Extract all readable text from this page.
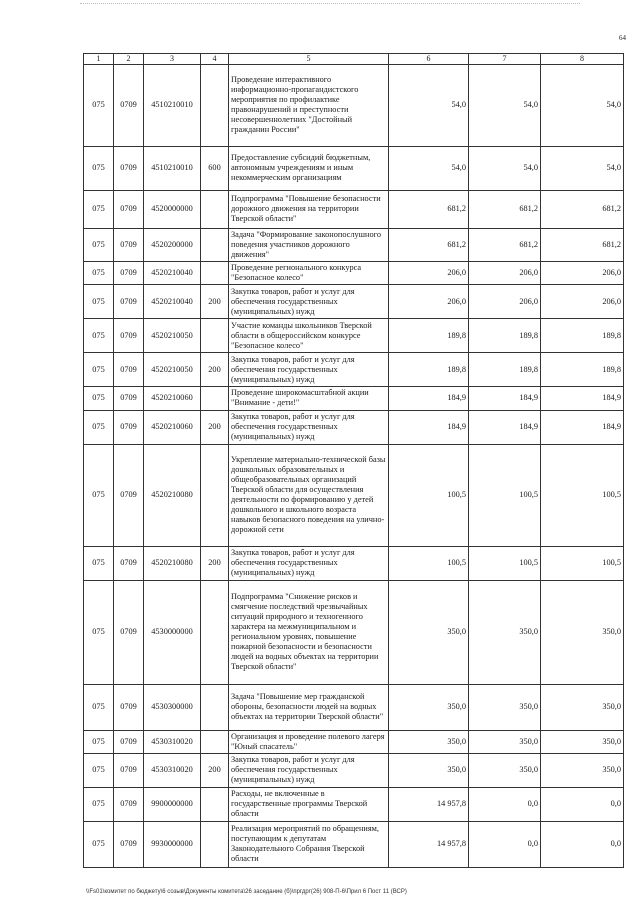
64
1	2	3	4	5	6	7	8
075	0709	4510210010		Проведение интерактивного информационно-пропагандистского мероприятия по профилактике правонарушений и преступности несовершеннолетних "Достойный гражданин России"	54,0	54,0	54,0
075	0709	4510210010	600	Предоставление субсидий бюджетным, автономным учреждениям и иным некоммерческим организациям	54,0	54,0	54,0
075	0709	4520000000		Подпрограмма "Повышение безопасности дорожного движения на территории Тверской области"	681,2	681,2	681,2
075	0709	4520200000		Задача "Формирование законопослушного поведения участников дорожного движения"	681,2	681,2	681,2
075	0709	4520210040		Проведение регионального конкурса "Безопасное колесо"	206,0	206,0	206,0
075	0709	4520210040	200	Закупка товаров, работ и услуг для обеспечения государственных (муниципальных) нужд	206,0	206,0	206,0
075	0709	4520210050		Участие команды школьников Тверской области в общероссийском конкурсе "Безопасное колесо"	189,8	189,8	189,8
075	0709	4520210050	200	Закупка товаров, работ и услуг для обеспечения государственных (муниципальных) нужд	189,8	189,8	189,8
075	0709	4520210060		Проведение широкомасштабной акции "Внимание - дети!"	184,9	184,9	184,9
075	0709	4520210060	200	Закупка товаров, работ и услуг для обеспечения государственных (муниципальных) нужд	184,9	184,9	184,9
075	0709	4520210080		Укрепление материально-технической базы дошкольных образовательных и общеобразовательных организаций Тверской области для осуществления деятельности по формированию у детей дошкольного и школьного возраста навыков безопасного поведения на улично-дорожной сети	100,5	100,5	100,5
075	0709	4520210080	200	Закупка товаров, работ и услуг для обеспечения государственных (муниципальных) нужд	100,5	100,5	100,5
075	0709	4530000000		Подпрограмма "Снижение рисков и смягчение последствий чрезвычайных ситуаций природного и техногенного характера на межмуниципальном и региональном уровнях, повышение пожарной безопасности и безопасности людей на водных объектах на территории Тверской области"	350,0	350,0	350,0
075	0709	4530300000		Задача "Повышение мер гражданской обороны, безопасности людей на водных объектах на территории Тверской области"	350,0	350,0	350,0
075	0709	4530310020		Организация и проведение полевого лагеря "Юный спасатель"	350,0	350,0	350,0
075	0709	4530310020	200	Закупка товаров, работ и услуг для обеспечения государственных (муниципальных) нужд	350,0	350,0	350,0
075	0709	9900000000		Расходы, не включенные в государственные программы Тверской области	14 957,8	0,0	0,0
075	0709	9930000000		Реализация мероприятий по обращениям, поступающим к депутатам Законодательного Собрания Тверской области	14 957,8	0,0	0,0
\\Fs01\комитет по бюджету\6 созыв\Документы комитета\26 заседание (б)\пргдрг(26) 908-П-6\Прил 6 Пост 11 (ВСР)
